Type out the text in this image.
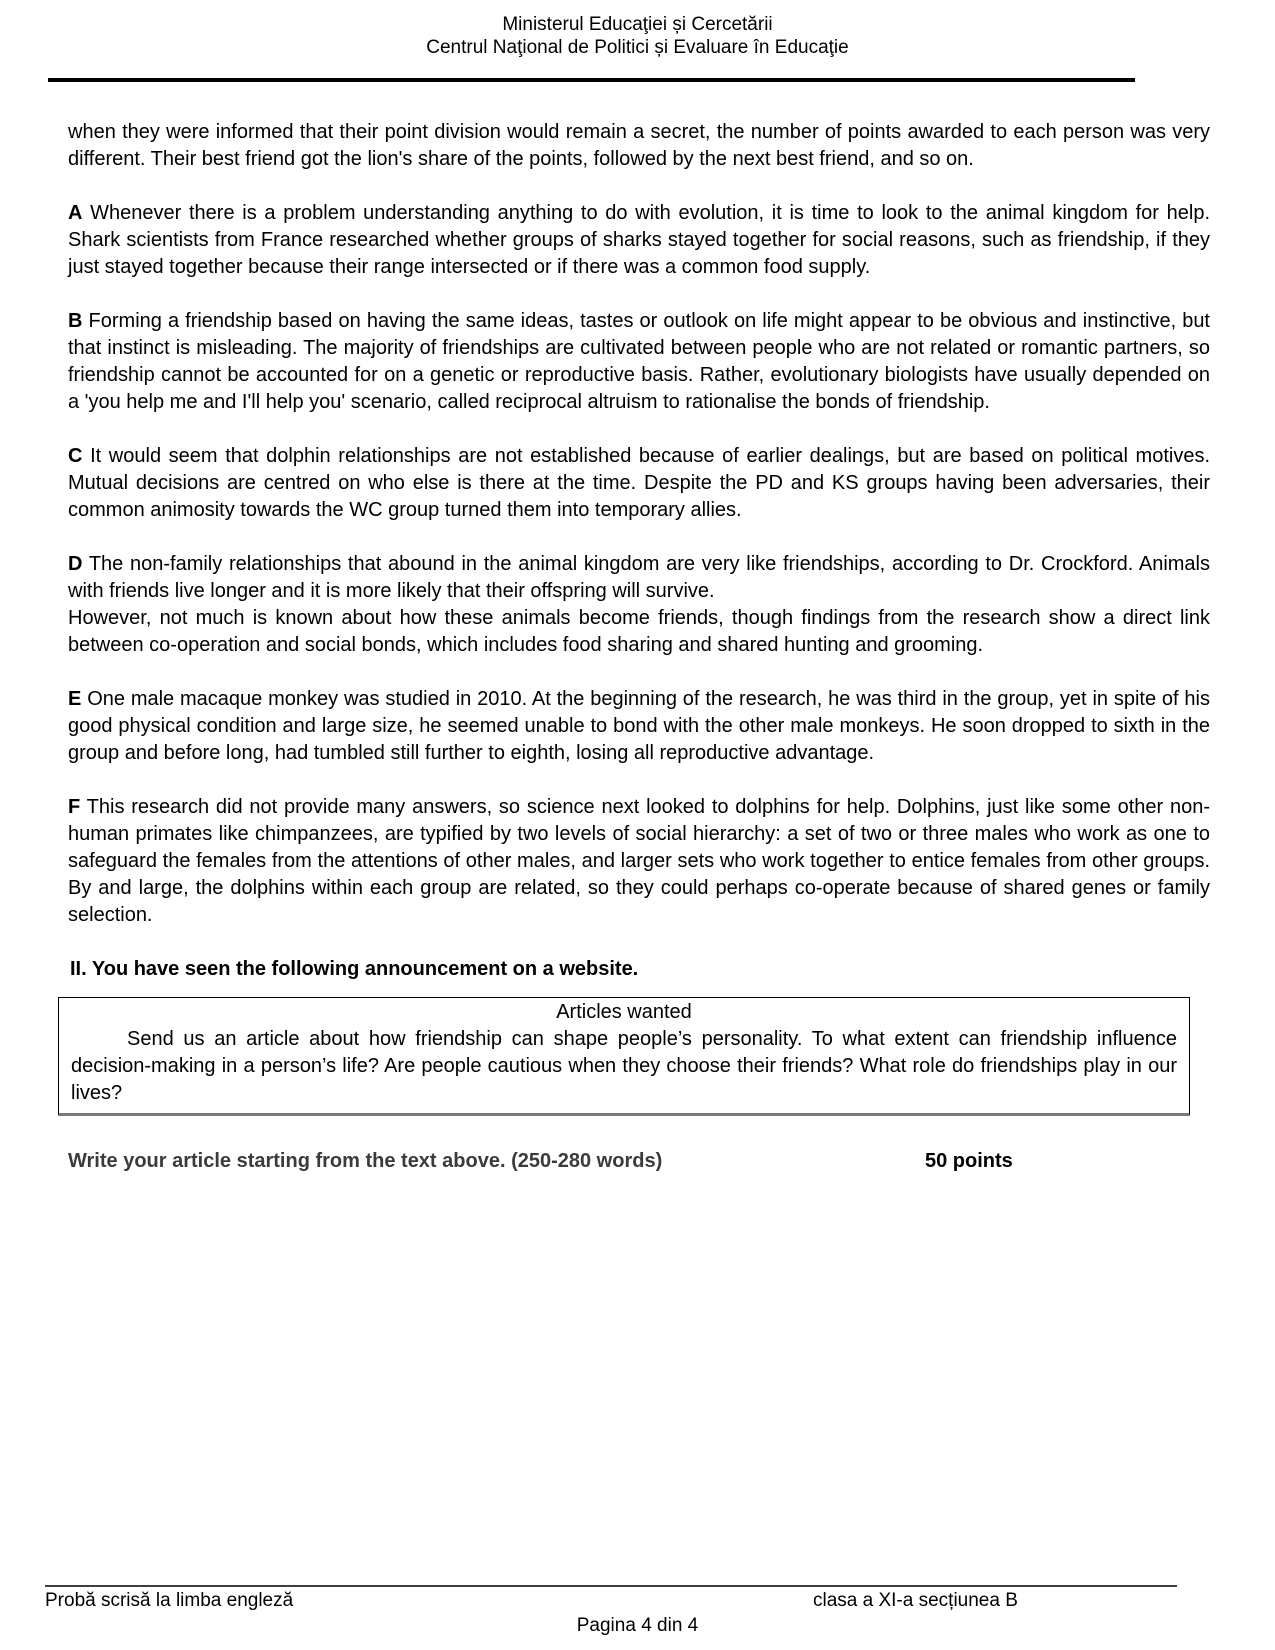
Ministerul Educaţiei și Cercetării
Centrul Naţional de Politici și Evaluare în Educaţie

when they were informed that their point division would remain a secret, the number of points awarded to each person was very different. Their best friend got the lion's share of the points, followed by the next best friend, and so on.

A Whenever there is a problem understanding anything to do with evolution, it is time to look to the animal kingdom for help. Shark scientists from France researched whether groups of sharks stayed together for social reasons, such as friendship, if they just stayed together because their range intersected or if there was a common food supply.

B Forming a friendship based on having the same ideas, tastes or outlook on life might appear to be obvious and instinctive, but that instinct is misleading. The majority of friendships are cultivated between people who are not related or romantic partners, so friendship cannot be accounted for on a genetic or reproductive basis. Rather, evolutionary biologists have usually depended on a 'you help me and I'll help you' scenario, called reciprocal altruism to rationalise the bonds of friendship.

C It would seem that dolphin relationships are not established because of earlier dealings, but are based on political motives. Mutual decisions are centred on who else is there at the time. Despite the PD and KS groups having been adversaries, their common animosity towards the WC group turned them into temporary allies.

D The non-family relationships that abound in the animal kingdom are very like friendships, according to Dr. Crockford. Animals with friends live longer and it is more likely that their offspring will survive.
However, not much is known about how these animals become friends, though findings from the research show a direct link between co-operation and social bonds, which includes food sharing and shared hunting and grooming.

E One male macaque monkey was studied in 2010. At the beginning of the research, he was third in the group, yet in spite of his good physical condition and large size, he seemed unable to bond with the other male monkeys. He soon dropped to sixth in the group and before long, had tumbled still further to eighth, losing all reproductive advantage.

F This research did not provide many answers, so science next looked to dolphins for help. Dolphins, just like some other non-human primates like chimpanzees, are typified by two levels of social hierarchy: a set of two or three males who work as one to safeguard the females from the attentions of other males, and larger sets who work together to entice females from other groups. By and large, the dolphins within each group are related, so they could perhaps co-operate because of shared genes or family selection.

II. You have seen the following announcement on a website.
Articles wanted

Send us an article about how friendship can shape people’s personality. To what extent can friendship influence decision-making in a person’s life? Are people cautious when they choose their friends? What role do friendships play in our lives?

Write your article starting from the text above. (250-280 words)	50 points
Probă scrisă la limba engleză	clasa a XI-a secțiunea B
Pagina 4 din 4
